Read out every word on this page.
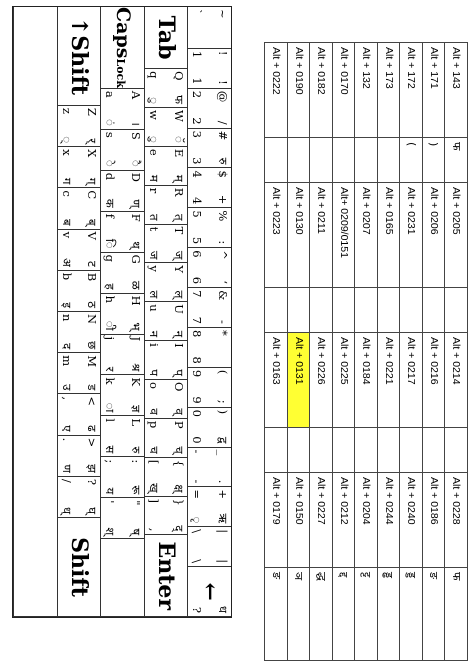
~
`
!
!
1
1
@
/
2
2
#
रु
3
3
$
+
4
4
%
:
5
5
^
‘
6
6
&
-
7
7
*
8
8
(
;
9
9
)
द्व
0
0
_
.
-
-
+
ऋ
=
ृ
|
|
\
\
←
ध
?
Tab
Q
फ
q
ु
W
ॅ
w
ु
E
म्
e
म
R
त्
r
त
T
ज्
t
ज
Y
ल्
y
ल
U
न्
u
न
I
प्
i
प
O
व्
o
व
P
च्
p
च
{
क्ष्
[
ख्
}
द्
]
,
Enter
CapsLock
A
।
a
ं
S
ै
s
े
D
ण्
d
क
F
थ्
f
ि
G
ळ
g
ह
H
भ्
h
ी
J
श्र
j
र
K
ज्ञ
k
ा
L
रु
l
स
:
रू
;
य
"
ष्
'
श्
↑Shift
Z
र्
z
्
X
ग्
x
ग
C
ब्
c
ब
V
ट
v
अ
B
ठ
b
इ
N
छ
n
द
M
ड
m
उ
<
ढ
,
ए
>
झ
.
ण
?
घ्
/
ध्
Shift
Alt + 143	फ	Alt + 0205		Alt + 0214		Alt + 0228	फ
Alt + 171	)	Alt + 0206		Alt + 0216		Alt + 0186	ङ
Alt + 172	(	Alt + 0231		Alt + 0217		Alt + 0240	ड्ड
Alt + 173		Alt + 0165		Alt + 0221		Alt + 0244	ड्ढ
Alt + 132		Alt + 0207		Alt + 0184		Alt + 0204	ट्ट
Alt + 0170		Alt+ 0209/0151		Alt + 0225		Alt + 0212	द्द
Alt + 0182		Alt + 0211		Alt + 0226		Alt + 0227	द्ध
Alt + 0190		Alt + 0130		Alt + 0131		Alt + 0150	ञ
Alt + 0222		Alt + 0223		Alt + 0163		Alt + 0179	ङ
